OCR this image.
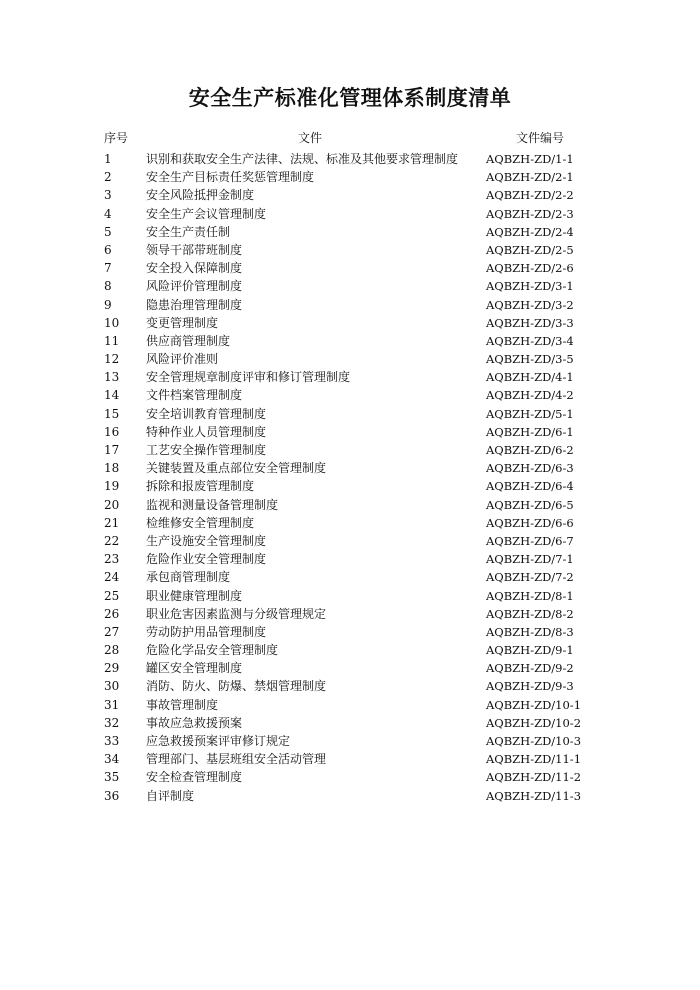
安全生产标准化管理体系制度清单
序号	文件	文件编号
1	识别和获取安全生产法律、法规、标准及其他要求管理制度 AQBZH-ZD/1-1
2	安全生产目标责任奖惩管理制度	AQBZH-ZD/2-1
3	安全风险抵押金制度	AQBZH-ZD/2-2
4	安全生产会议管理制度	AQBZH-ZD/2-3
5	安全生产责任制	AQBZH-ZD/2-4
6	领导干部带班制度	AQBZH-ZD/2-5
7	安全投入保障制度	AQBZH-ZD/2-6
8	风险评价管理制度	AQBZH-ZD/3-1
9	隐患治理管理制度	AQBZH-ZD/3-2
10 变更管理制度	AQBZH-ZD/3-3
11 供应商管理制度	AQBZH-ZD/3-4
12 风险评价准则	AQBZH-ZD/3-5
13 安全管理规章制度评审和修订管理制度	AQBZH-ZD/4-1
14 文件档案管理制度	AQBZH-ZD/4-2
15 安全培训教育管理制度	AQBZH-ZD/5-1
16 特种作业人员管理制度	AQBZH-ZD/6-1
17 工艺安全操作管理制度	AQBZH-ZD/6-2
18 关键装置及重点部位安全管理制度	AQBZH-ZD/6-3
19 拆除和报废管理制度	AQBZH-ZD/6-4
20 监视和测量设备管理制度	AQBZH-ZD/6-5
21 检维修安全管理制度	AQBZH-ZD/6-6
22 生产设施安全管理制度	AQBZH-ZD/6-7
23 危险作业安全管理制度	AQBZH-ZD/7-1
24 承包商管理制度	AQBZH-ZD/7-2
25 职业健康管理制度	AQBZH-ZD/8-1
26 职业危害因素监测与分级管理规定	AQBZH-ZD/8-2
27 劳动防护用品管理制度	AQBZH-ZD/8-3
28 危险化学品安全管理制度	AQBZH-ZD/9-1
29 罐区安全管理制度	AQBZH-ZD/9-2
30 消防、防火、防爆、禁烟管理制度	AQBZH-ZD/9-3
31 事故管理制度	AQBZH-ZD/10-1
32 事故应急救援预案	AQBZH-ZD/10-2
33 应急救援预案评审修订规定	AQBZH-ZD/10-3
34 管理部门、基层班组安全活动管理	AQBZH-ZD/11-1
35 安全检查管理制度	AQBZH-ZD/11-2
36 自评制度	AQBZH-ZD/11-3
